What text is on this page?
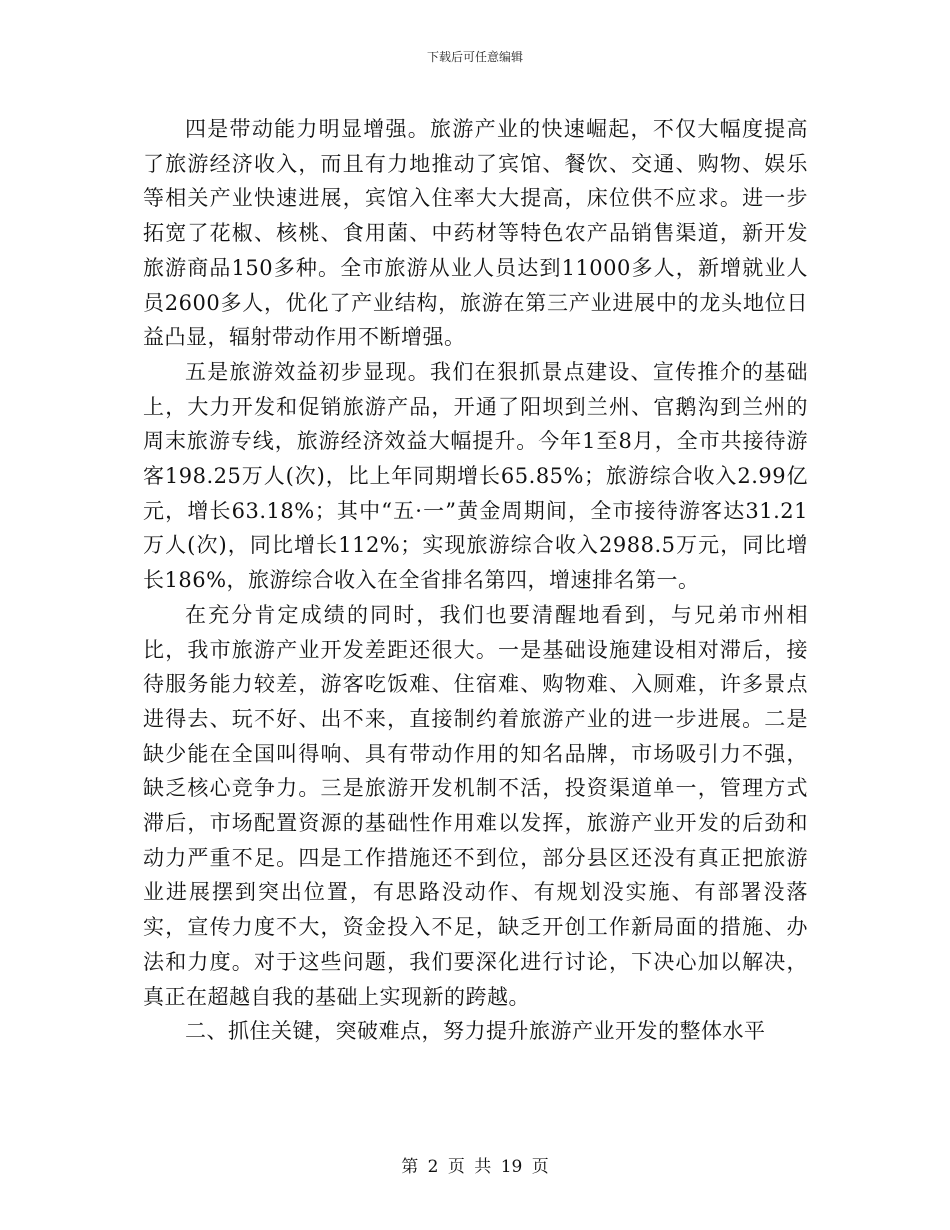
下载后可任意编辑

四是带动能力明显增强。旅游产业的快速崛起，不仅大幅度提高了旅游经济收入，而且有力地推动了宾馆、餐饮、交通、购物、娱乐等相关产业快速进展，宾馆入住率大大提高，床位供不应求。进一步拓宽了花椒、核桃、食用菌、中药材等特色农产品销售渠道，新开发旅游商品150多种。全市旅游从业人员达到11000多人，新增就业人员2600多人，优化了产业结构，旅游在第三产业进展中的龙头地位日益凸显，辐射带动作用不断增强。

五是旅游效益初步显现。我们在狠抓景点建设、宣传推介的基础上，大力开发和促销旅游产品，开通了阳坝到兰州、官鹅沟到兰州的周末旅游专线，旅游经济效益大幅提升。今年1至8月，全市共接待游客198.25万人(次)，比上年同期增长65.85%；旅游综合收入2.99亿元，增长63.18%；其中“五·一”黄金周期间，全市接待游客达31.21万人(次)，同比增长112%；实现旅游综合收入2988.5万元，同比增长186%，旅游综合收入在全省排名第四，增速排名第一。

在充分肯定成绩的同时，我们也要清醒地看到，与兄弟市州相比，我市旅游产业开发差距还很大。一是基础设施建设相对滞后，接待服务能力较差，游客吃饭难、住宿难、购物难、入厕难，许多景点进得去、玩不好、出不来，直接制约着旅游产业的进一步进展。二是缺少能在全国叫得响、具有带动作用的知名品牌，市场吸引力不强，缺乏核心竞争力。三是旅游开发机制不活，投资渠道单一，管理方式滞后，市场配置资源的基础性作用难以发挥，旅游产业开发的后劲和动力严重不足。四是工作措施还不到位，部分县区还没有真正把旅游业进展摆到突出位置，有思路没动作、有规划没实施、有部署没落实，宣传力度不大，资金投入不足，缺乏开创工作新局面的措施、办法和力度。对于这些问题，我们要深化进行讨论，下决心加以解决，真正在超越自我的基础上实现新的跨越。

二、抓住关键，突破难点，努力提升旅游产业开发的整体水平

第 2 页 共 19 页
